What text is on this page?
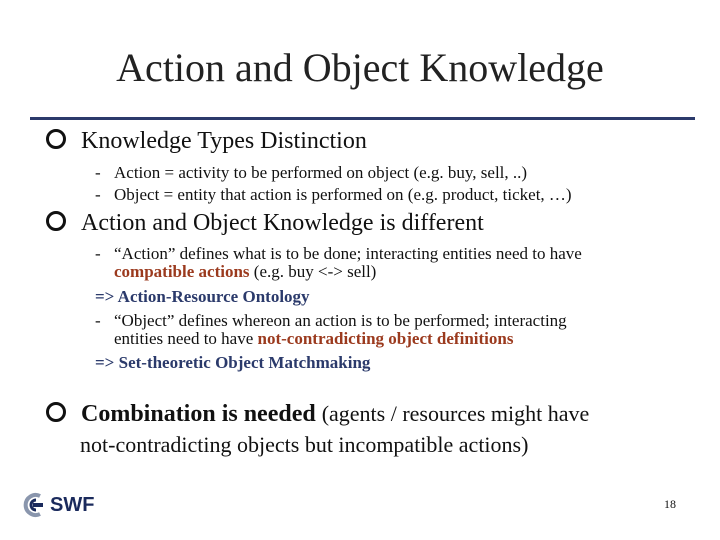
Action and Object Knowledge
Knowledge Types Distinction
- Action = activity to be performed on object (e.g. buy, sell, ..)
- Object = entity that action is performed on (e.g. product, ticket, …)
Action and Object Knowledge is different
- “Action” defines what is to be done; interacting entities need to have
compatible actions (e.g. buy <-> sell)
=> Action-Resource Ontology
- “Object” defines whereon an action is to be performed; interacting
entities need to have not-contradicting object definitions
=> Set-theoretic Object Matchmaking
Combination is needed (agents / resources might have
not-contradicting objects but incompatible actions)
SWF	18
